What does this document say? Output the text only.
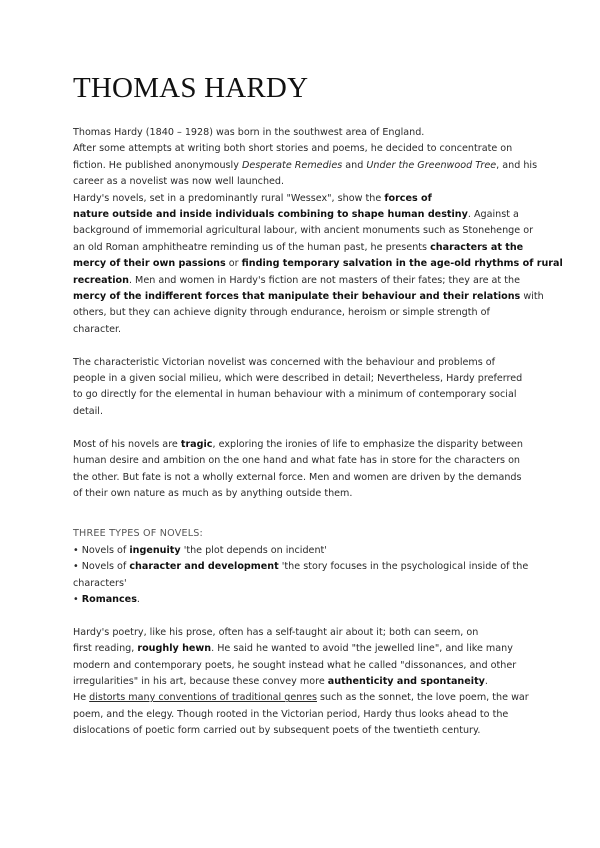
THOMAS HARDY
Thomas Hardy (1840 – 1928) was born in the southwest area of England.
After some attempts at writing both short stories and poems, he decided to concentrate on
fiction. He published anonymously Desperate Remedies and Under the Greenwood Tree, and his
career as a novelist was now well launched.
Hardy's novels, set in a predominantly rural "Wessex", show the forces of
nature outside and inside individuals combining to shape human destiny. Against a
background of immemorial agricultural labour, with ancient monuments such as Stonehenge or
an old Roman amphitheatre reminding us of the human past, he presents characters at the
mercy of their own passions or finding temporary salvation in the age-old rhythms of rural
recreation. Men and women in Hardy's fiction are not masters of their fates; they are at the
mercy of the indifferent forces that manipulate their behaviour and their relations with
others, but they can achieve dignity through endurance, heroism or simple strength of
character.
The characteristic Victorian novelist was concerned with the behaviour and problems of
people in a given social milieu, which were described in detail; Nevertheless, Hardy preferred
to go directly for the elemental in human behaviour with a minimum of contemporary social
detail.
Most of his novels are tragic, exploring the ironies of life to emphasize the disparity between
human desire and ambition on the one hand and what fate has in store for the characters on
the other. But fate is not a wholly external force. Men and women are driven by the demands
of their own nature as much as by anything outside them.
THREE TYPES OF NOVELS:
• Novels of ingenuity 'the plot depends on incident'
• Novels of character and development 'the story focuses in the psychological inside of the
characters'
• Romances.
Hardy's poetry, like his prose, often has a self-taught air about it; both can seem, on
first reading, roughly hewn. He said he wanted to avoid "the jewelled line", and like many
modern and contemporary poets, he sought instead what he called "dissonances, and other
irregularities" in his art, because these convey more authenticity and spontaneity.
He distorts many conventions of traditional genres such as the sonnet, the love poem, the war
poem, and the elegy. Though rooted in the Victorian period, Hardy thus looks ahead to the
dislocations of poetic form carried out by subsequent poets of the twentieth century.
